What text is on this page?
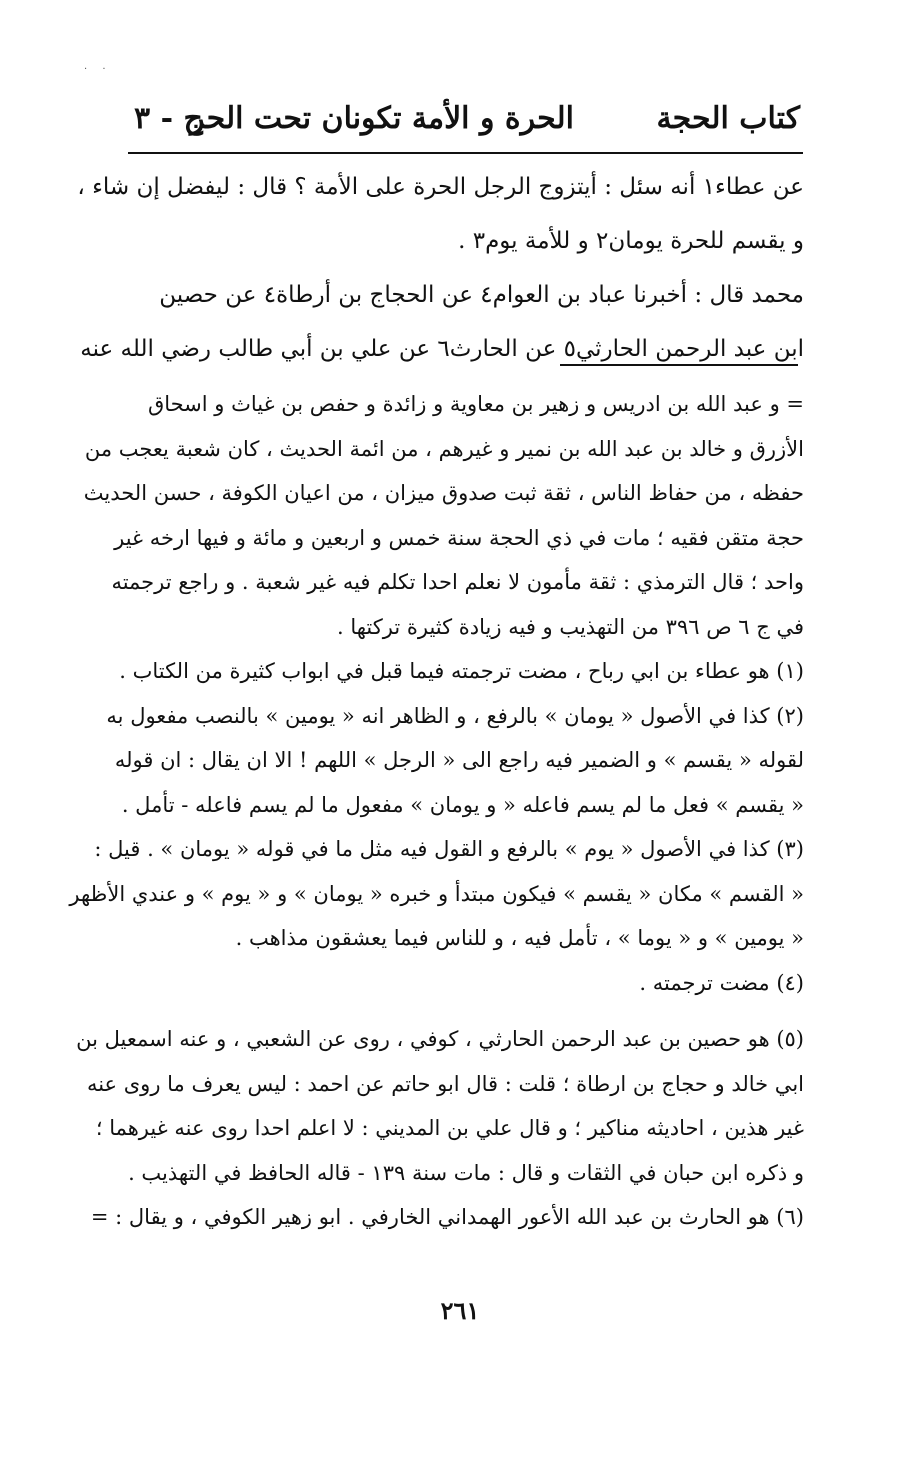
· ·
كتاب الحجة
الحرة و الأمة تكونان تحت الحر
ج - ٣

عن عطاء١ أنه سئل : أيتزوج الرجل الحرة على الأمة ؟ قال : ليفضل إن شاء ،

و يقسم للحرة يومان٢ و للأمة يوم٣ .

محمد قال : أخبرنا عباد بن العوام٤ عن الحجاج بن أرطاة٤ عن حصين

ابن عبد الرحمن الحارثي٥ عن الحارث٦ عن علي بن أبي طالب رضي الله عنه

= و عبد الله بن ادريس و زهير بن معاوية و زائدة و حفص بن غياث و اسحاق

الأزرق و خالد بن عبد الله بن نمير و غيرهم ، من ائمة الحديث ، كان شعبة يعجب من

حفظه ، من حفاظ الناس ، ثقة ثبت صدوق ميزان ، من اعيان الكوفة ، حسن الحديث

حجة متقن فقيه ؛ مات في ذي الحجة سنة خمس و اربعين و مائة و فيها ارخه غير

واحد ؛ قال الترمذي : ثقة مأمون لا نعلم احدا تكلم فيه غير شعبة . و راجع ترجمته

في ج ٦ ص ٣٩٦ من التهذيب و فيه زيادة كثيرة تركتها .

(١) هو عطاء بن ابي رباح ، مضت ترجمته فيما قبل في ابواب كثيرة من الكتاب .

(٢) كذا في الأصول « يومان » بالرفع ، و الظاهر انه « يومين » بالنصب مفعول به

لقوله « يقسم » و الضمير فيه راجع الى « الرجل » اللهم ! الا ان يقال : ان قوله

« يقسم » فعل ما لم يسم فاعله « و يومان » مفعول ما لم يسم فاعله - تأمل .

(٣) كذا في الأصول « يوم » بالرفع و القول فيه مثل ما في قوله « يومان » . قيل :

« القسم » مكان « يقسم » فيكون مبتدأ و خبره « يومان » و « يوم » و عندي الأظهر

« يومين » و « يوما » ، تأمل فيه ، و للناس فيما يعشقون مذاهب .

(٤) مضت ترجمته .

(٥) هو حصين بن عبد الرحمن الحارثي ، كوفي ، روى عن الشعبي ، و عنه اسمعيل بن

ابي خالد و حجاج بن ارطاة ؛ قلت : قال ابو حاتم عن احمد : ليس يعرف ما روى عنه

غير هذين ، احاديثه مناكير ؛ و قال علي بن المديني : لا اعلم احدا روى عنه غيرهما ؛

و ذكره ابن حبان في الثقات و قال : مات سنة ١٣٩ - قاله الحافظ في التهذيب .

(٦) هو الحارث بن عبد الله الأعور الهمداني الخارفي . ابو زهير الكوفي ، و يقال : =

٢٦١
